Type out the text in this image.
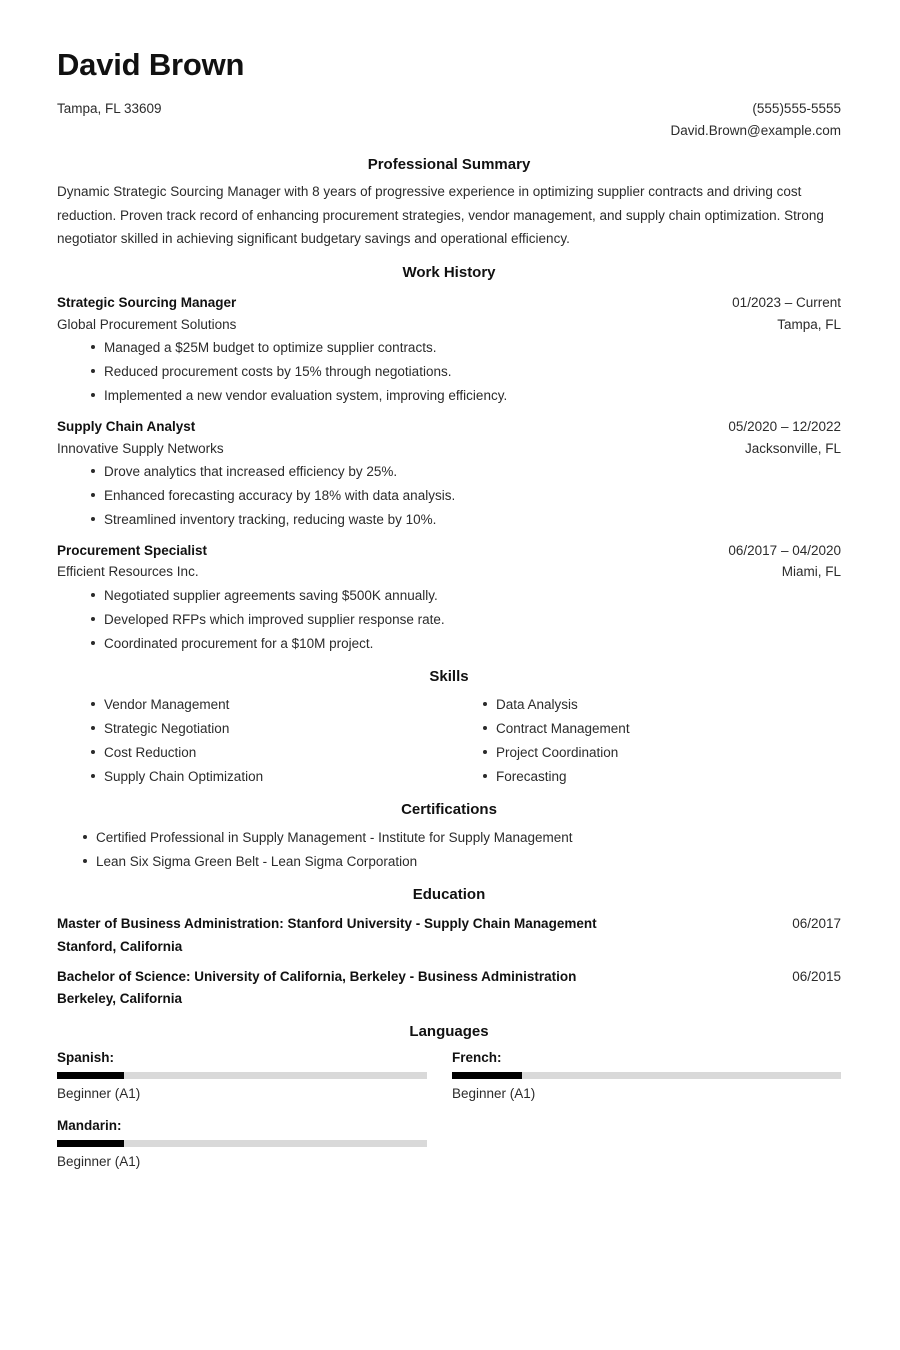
David Brown
Tampa, FL 33609	(555)555-5555
David.Brown@example.com
Professional Summary

Dynamic Strategic Sourcing Manager with 8 years of progressive experience in optimizing supplier contracts and driving cost reduction. Proven track record of enhancing procurement strategies, vendor management, and supply chain optimization. Strong negotiator skilled in achieving significant budgetary savings and operational efficiency.

Work History
Strategic Sourcing Manager	01/2023 – Current
Global Procurement Solutions	Tampa, FL
Managed a $25M budget to optimize supplier contracts.
Reduced procurement costs by 15% through negotiations.
Implemented a new vendor evaluation system, improving efficiency.
Supply Chain Analyst	05/2020 – 12/2022
Innovative Supply Networks	Jacksonville, FL
Drove analytics that increased efficiency by 25%.
Enhanced forecasting accuracy by 18% with data analysis.
Streamlined inventory tracking, reducing waste by 10%.
Procurement Specialist	06/2017 – 04/2020
Efficient Resources Inc.	Miami, FL
Negotiated supplier agreements saving $500K annually.
Developed RFPs which improved supplier response rate.
Coordinated procurement for a $10M project.
Skills
Vendor Management
Strategic Negotiation
Cost Reduction
Supply Chain Optimization
Data Analysis
Contract Management
Project Coordination
Forecasting
Certifications
Certified Professional in Supply Management - Institute for Supply Management
Lean Six Sigma Green Belt - Lean Sigma Corporation
Education
Master of Business Administration: Stanford University - Supply Chain Management	06/2017
Stanford, California
Bachelor of Science: University of California, Berkeley - Business Administration	06/2015
Berkeley, California
Languages
Spanish:
Beginner (A1)
French:
Beginner (A1)
Mandarin:
Beginner (A1)
